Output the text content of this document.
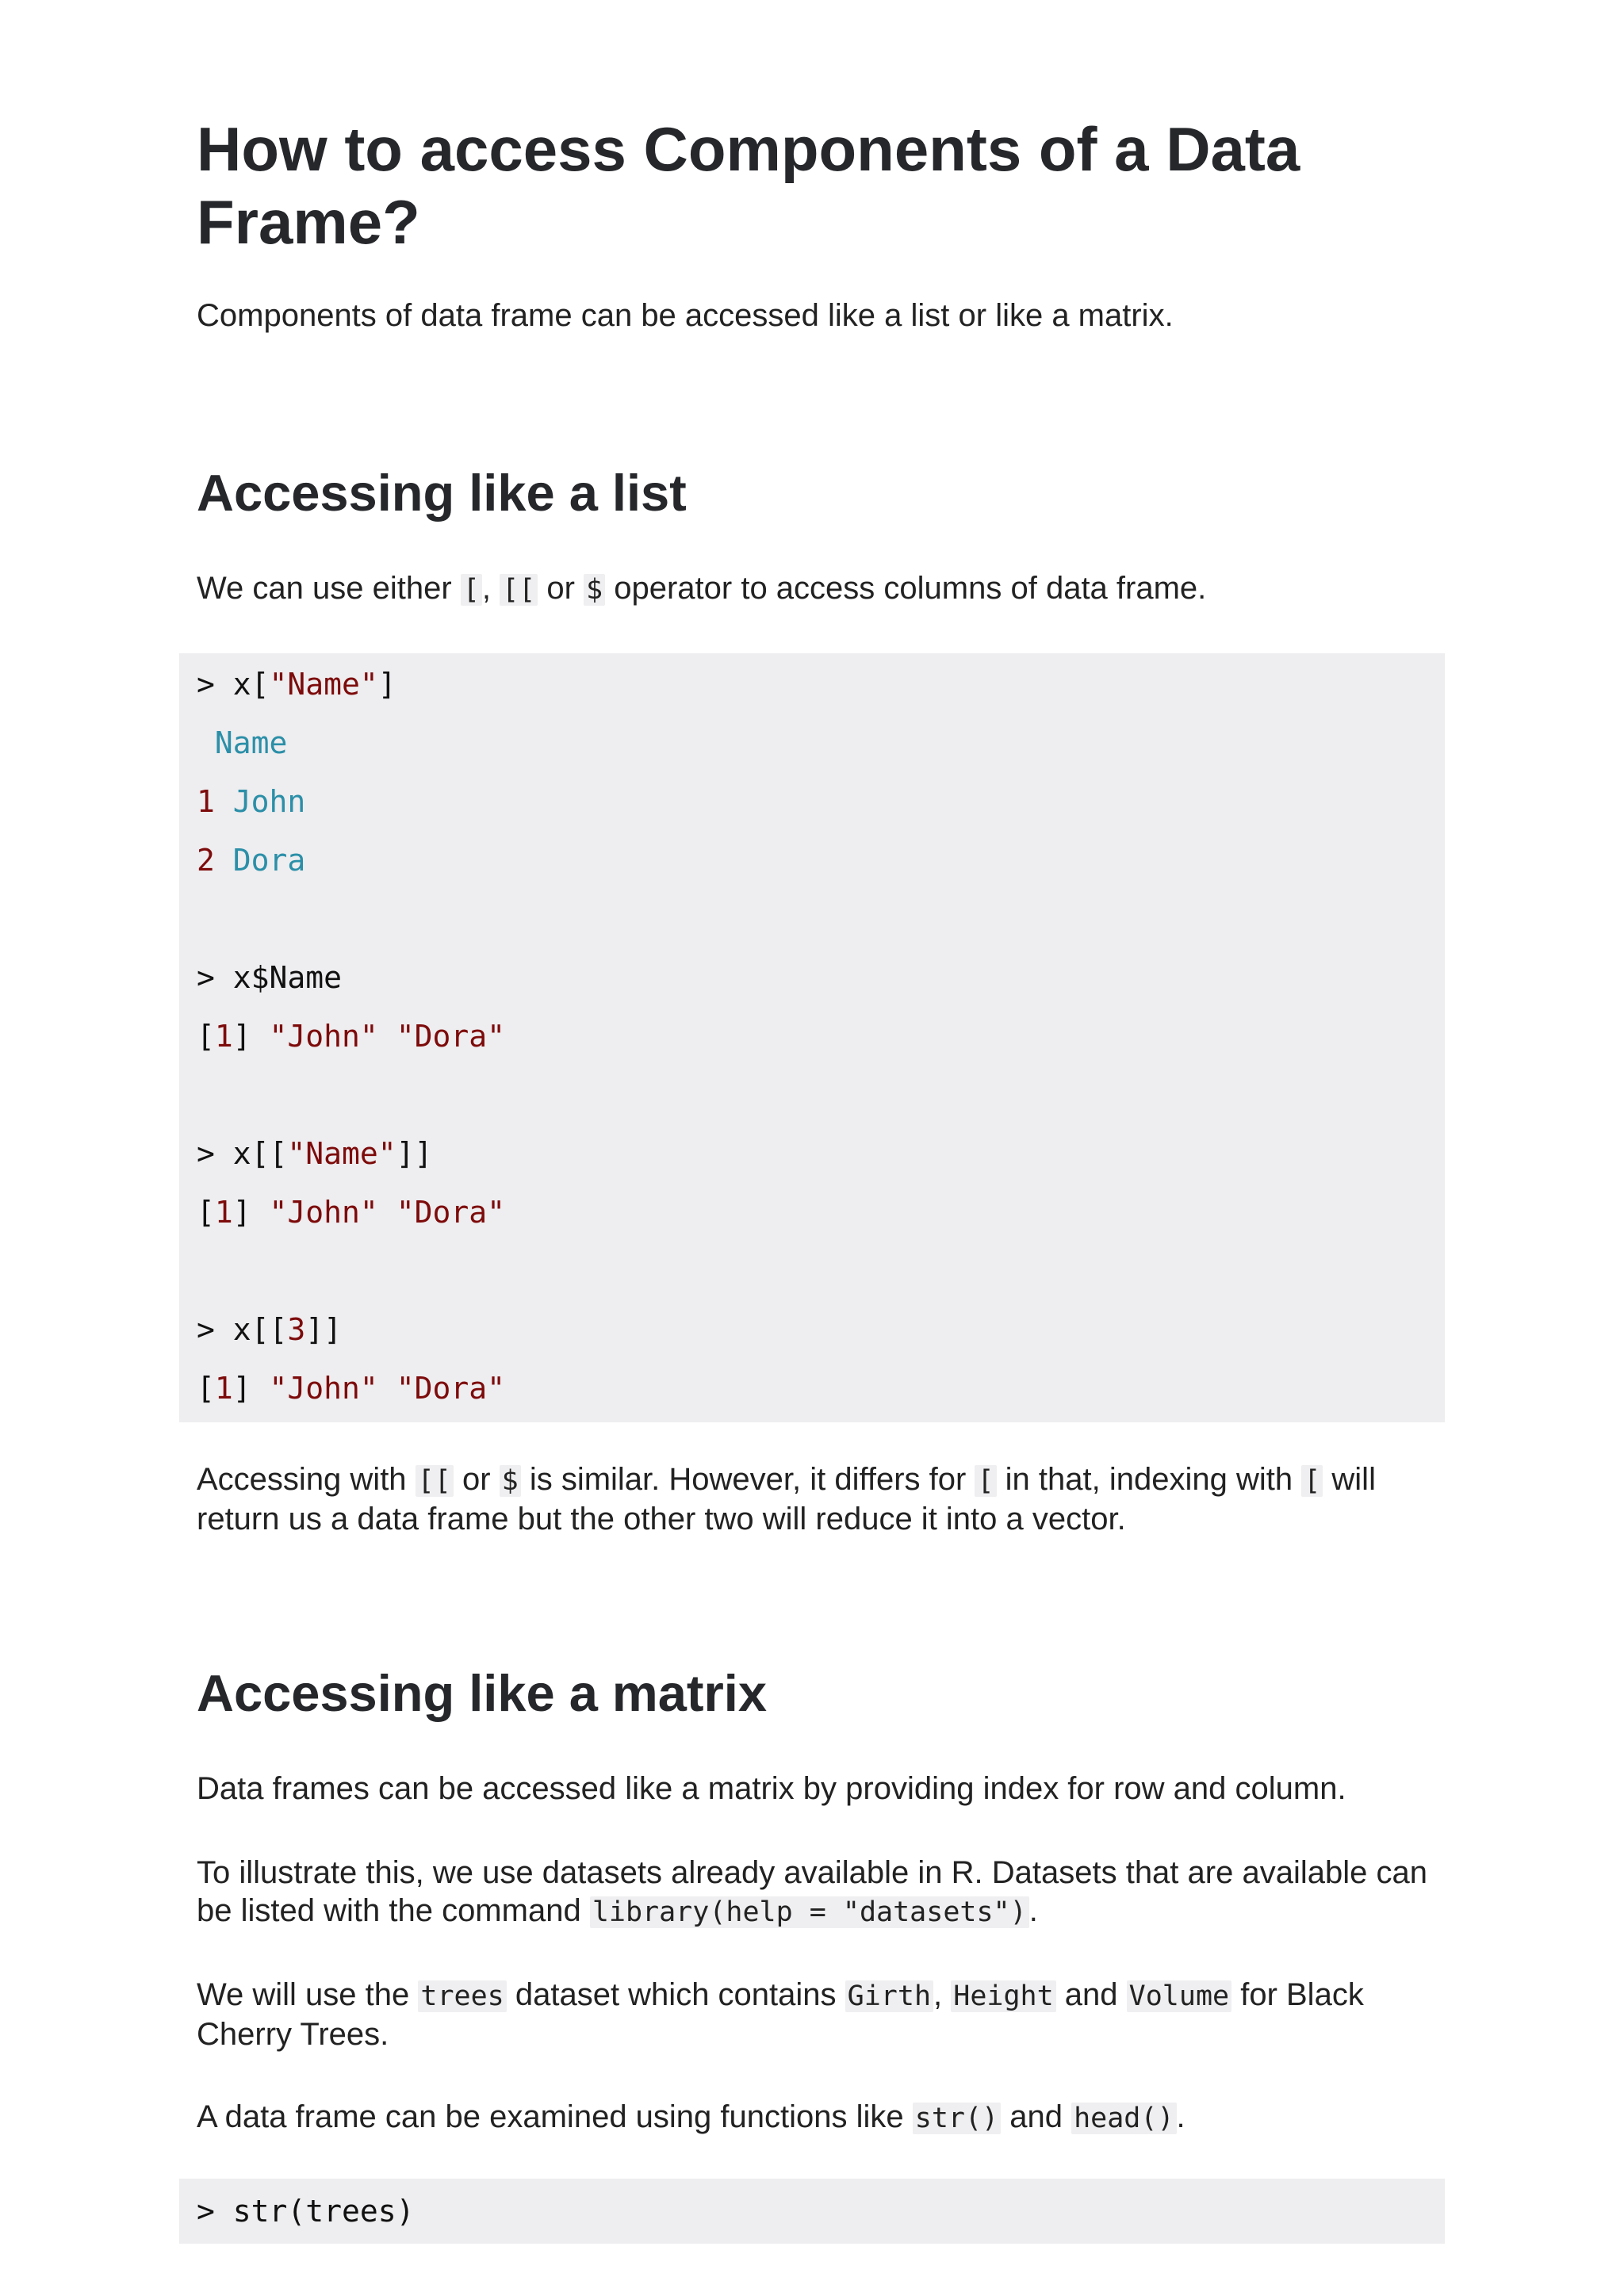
How to access Components of a Data Frame?

Components of data frame can be accessed like a list or like a matrix.

Accessing like a list

We can use either [, [[ or $ operator to access columns of data frame.

> x["Name"]
Name
1 John
2 Dora
> x$Name
[1] "John" "Dora"
> x[["Name"]]
[1] "John" "Dora"
> x[[3]]
[1] "John" "Dora"

Accessing with [[ or $ is similar. However, it differs for [ in that, indexing with [ will return us a data frame but the other two will reduce it into a vector.

Accessing like a matrix

Data frames can be accessed like a matrix by providing index for row and column.

To illustrate this, we use datasets already available in R. Datasets that are available can be listed with the command library(help = "datasets").

We will use the trees dataset which contains Girth, Height and Volume for Black Cherry Trees.

A data frame can be examined using functions like str() and head().

> str(trees)
